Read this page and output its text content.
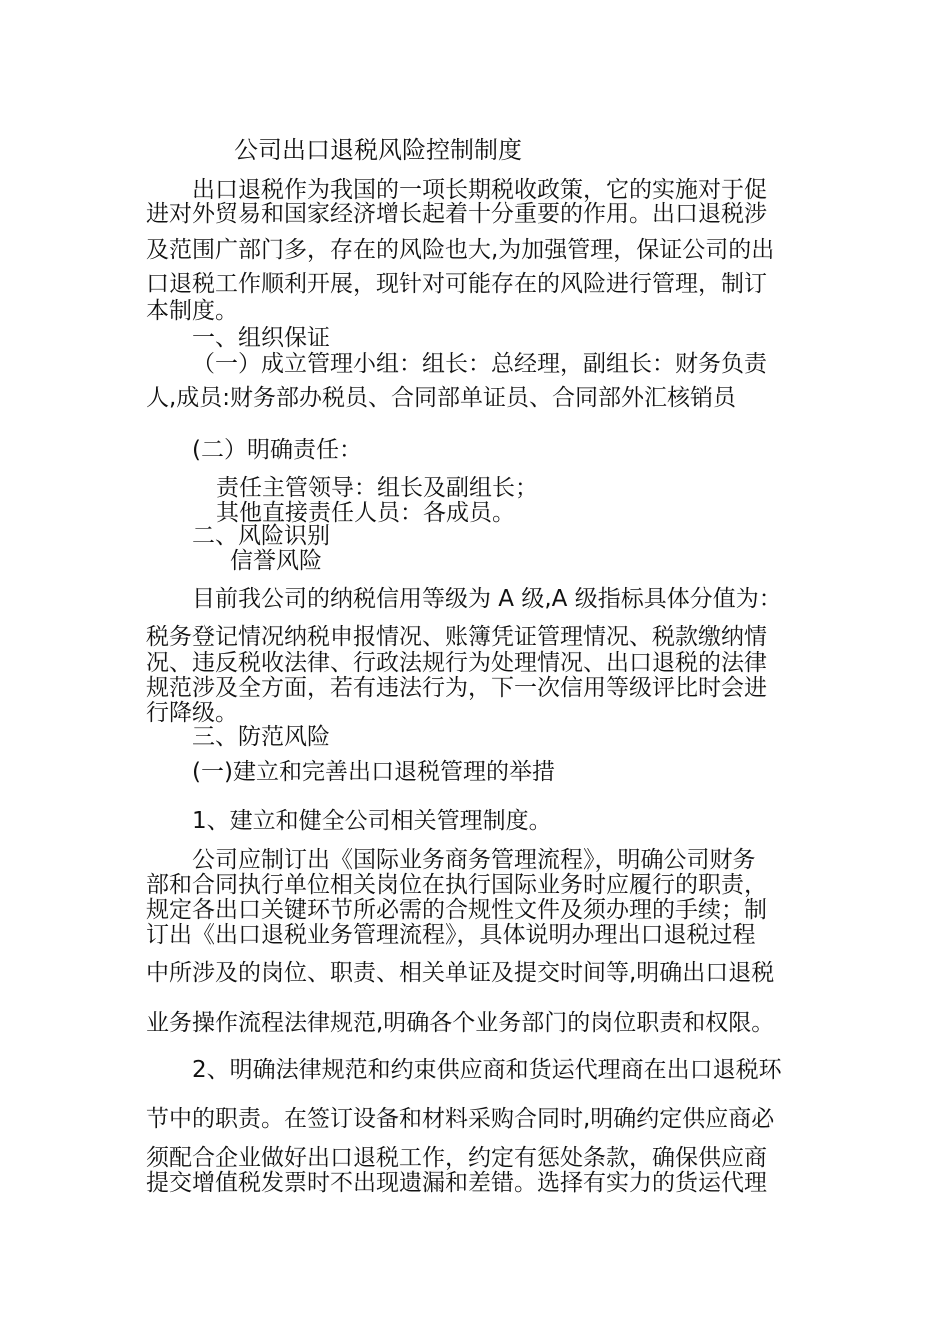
公司出口退税风险控制制度
出口退税作为我国的一项长期税收政策，它的实施对于促
进对外贸易和国家经济增长起着十分重要的作用。出口退税涉
及范围广部门多，存在的风险也大,为加强管理，保证公司的出
口退税工作顺利开展，现针对可能存在的风险进行管理，制订
本制度。
一、组织保证
（一）成立管理小组：组长：总经理，副组长：财务负责
人,成员:财务部办税员、合同部单证员、合同部外汇核销员
(二）明确责任：
责任主管领导：组长及副组长；
其他直接责任人员：各成员。
二、风险识别
信誉风险
目前我公司的纳税信用等级为 A 级,A 级指标具体分值为：
税务登记情况纳税申报情况、账簿凭证管理情况、税款缴纳情
况、违反税收法律、行政法规行为处理情况、出口退税的法律
规范涉及全方面，若有违法行为，下一次信用等级评比时会进
行降级。
三、防范风险
(一)建立和完善出口退税管理的举措
1、建立和健全公司相关管理制度。
公司应制订出《国际业务商务管理流程》，明确公司财务
部和合同执行单位相关岗位在执行国际业务时应履行的职责，
规定各出口关键环节所必需的合规性文件及须办理的手续；制
订出《出口退税业务管理流程》，具体说明办理出口退税过程
中所涉及的岗位、职责、相关单证及提交时间等,明确出口退税
业务操作流程法律规范,明确各个业务部门的岗位职责和权限。
2、明确法律规范和约束供应商和货运代理商在出口退税环
节中的职责。在签订设备和材料采购合同时,明确约定供应商必
须配合企业做好出口退税工作，约定有惩处条款，确保供应商
提交增值税发票时不出现遗漏和差错。选择有实力的货运代理
